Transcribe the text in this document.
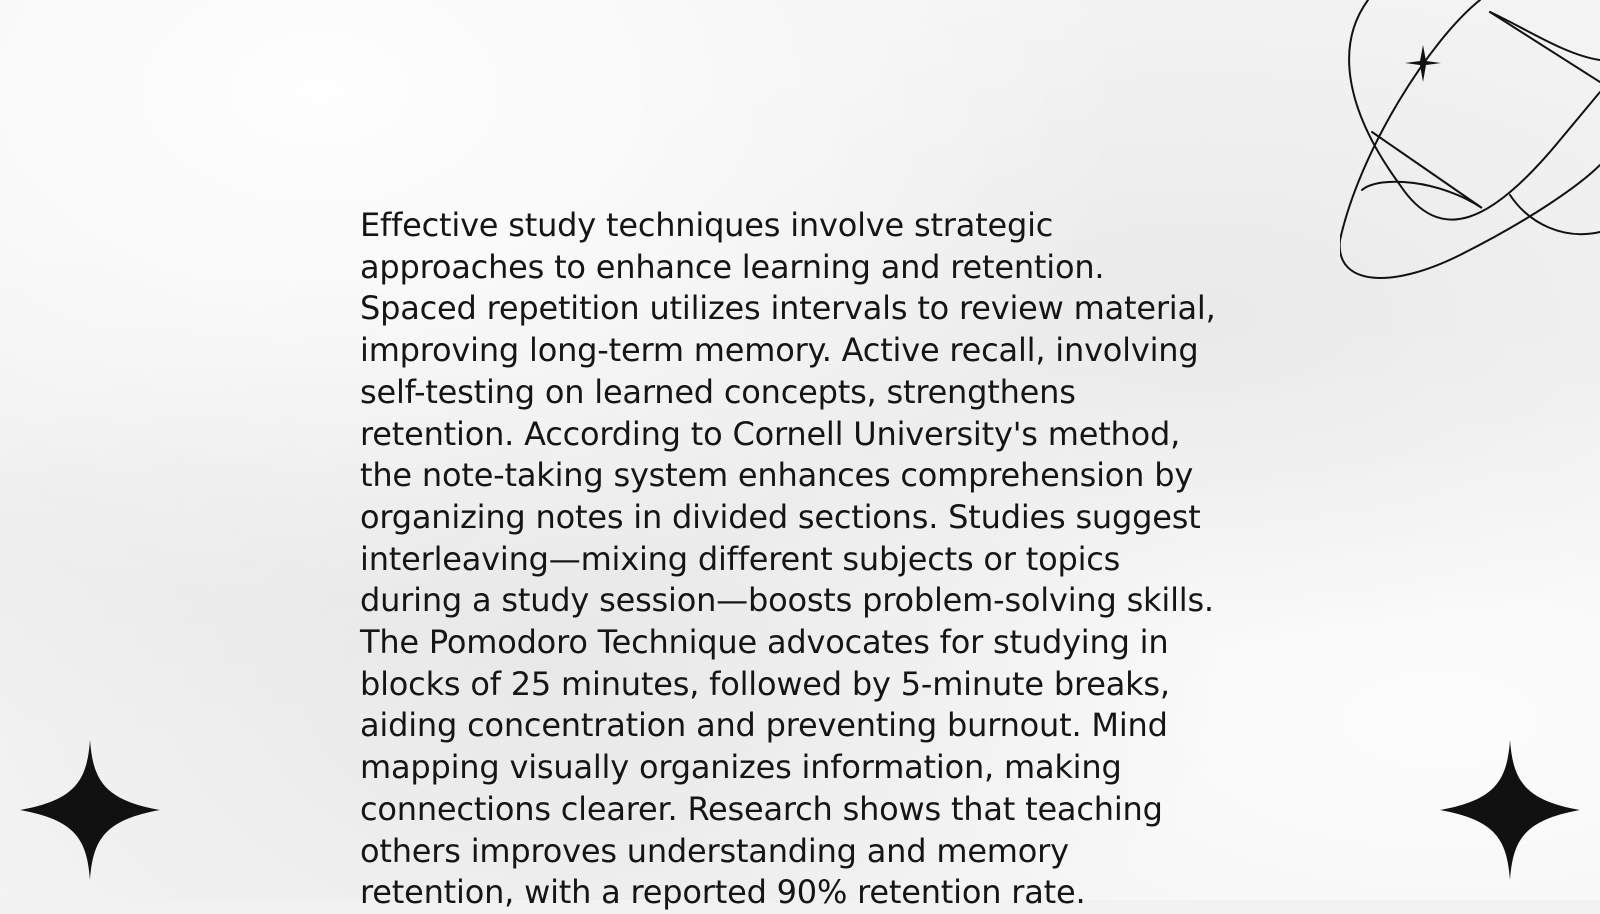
Effective study techniques involve strategic
approaches to enhance learning and retention.
Spaced repetition utilizes intervals to review material,
improving long-term memory. Active recall, involving
self-testing on learned concepts, strengthens
retention. According to Cornell University's method,
the note-taking system enhances comprehension by
organizing notes in divided sections. Studies suggest
interleaving—mixing different subjects or topics
during a study session—boosts problem-solving skills.
The Pomodoro Technique advocates for studying in
blocks of 25 minutes, followed by 5-minute breaks,
aiding concentration and preventing burnout. Mind
mapping visually organizes information, making
connections clearer. Research shows that teaching
others improves understanding and memory
retention, with a reported 90% retention rate.
